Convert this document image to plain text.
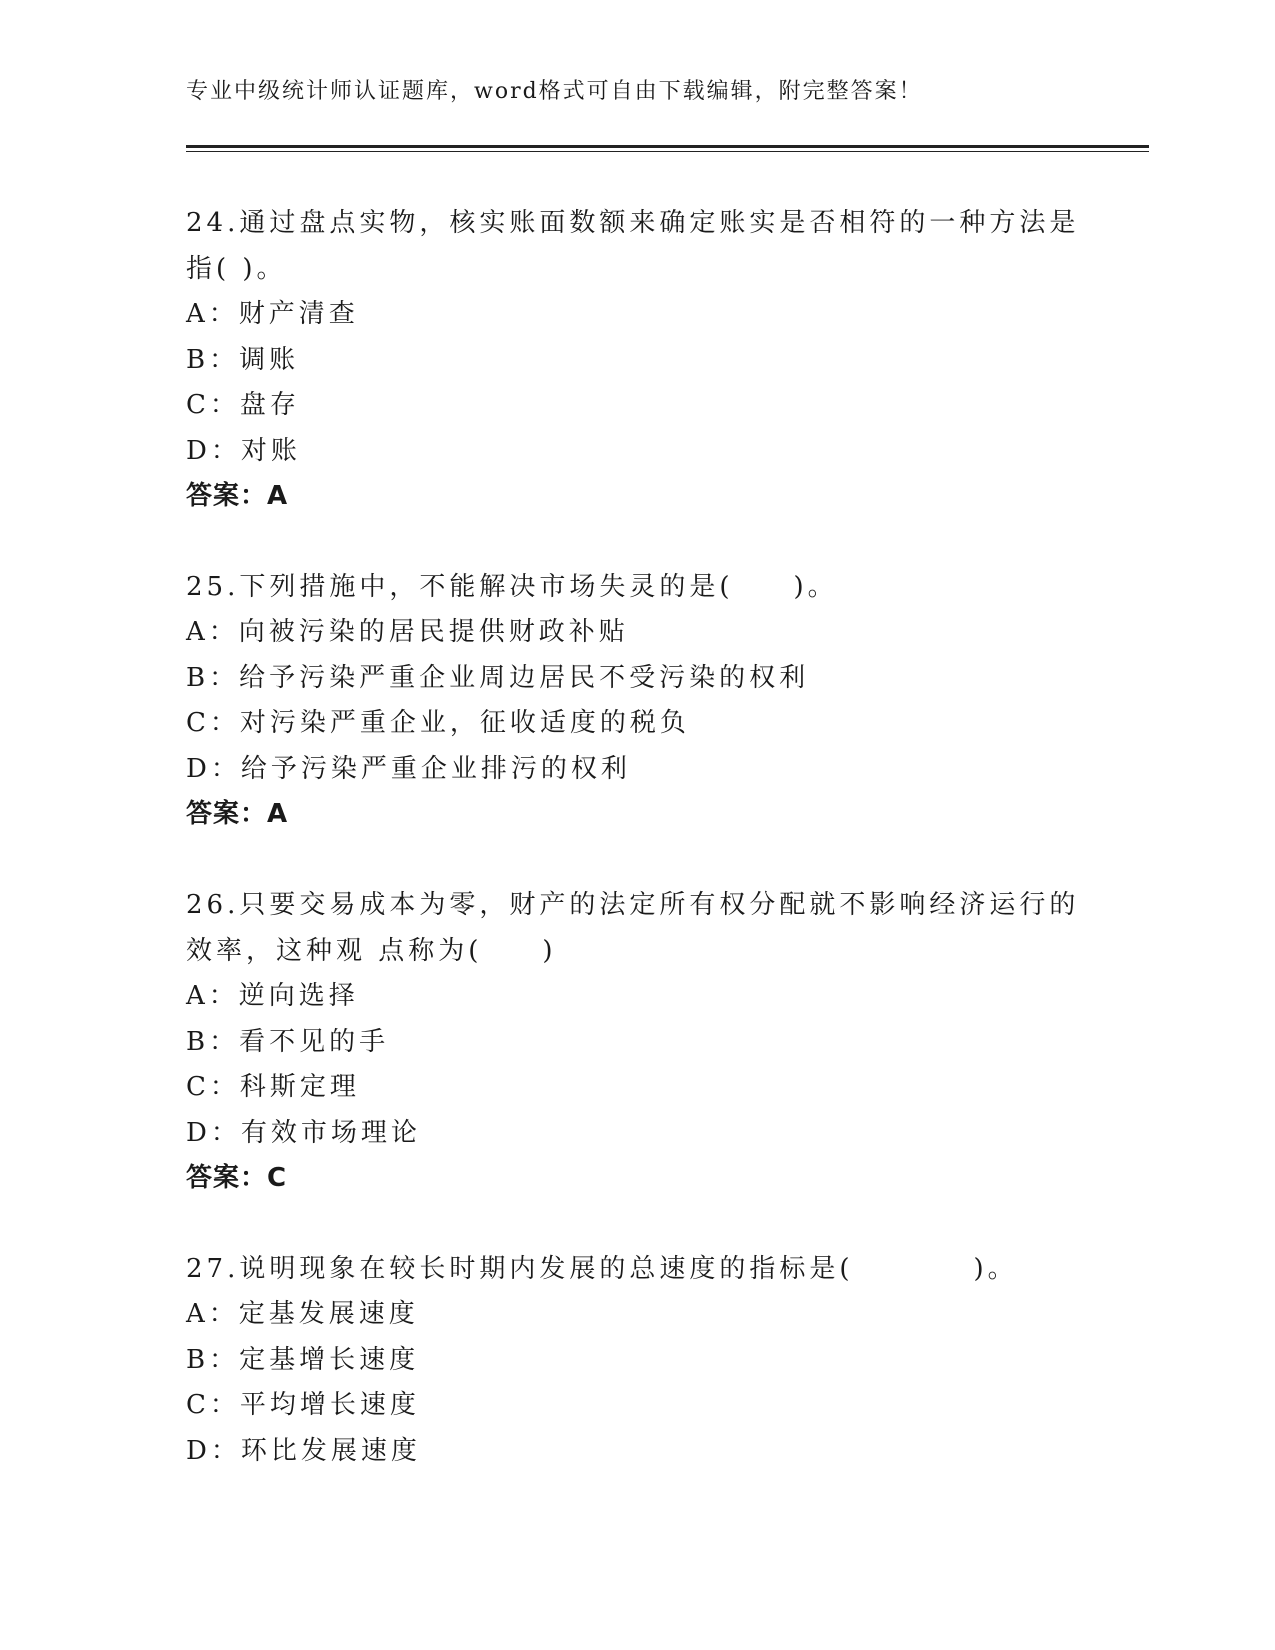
专业中级统计师认证题库，word格式可自由下载编辑，附完整答案！

24.通过盘点实物，核实账面数额来确定账实是否相符的一种方法是指( )。

A： 财产清查
B： 调账
C： 盘存
D： 对账
答案：A

25.下列措施中，不能解决市场失灵的是(　　)。

A： 向被污染的居民提供财政补贴
B： 给予污染严重企业周边居民不受污染的权利
C： 对污染严重企业，征收适度的税负
D： 给予污染严重企业排污的权利
答案：A

26.只要交易成本为零，财产的法定所有权分配就不影响经济运行的效率，这种观 点称为(　　)

A： 逆向选择
B： 看不见的手
C： 科斯定理
D： 有效市场理论
答案：C

27.说明现象在较长时期内发展的总速度的指标是(　　　　)。

A： 定基发展速度
B： 定基增长速度
C： 平均增长速度
D： 环比发展速度
